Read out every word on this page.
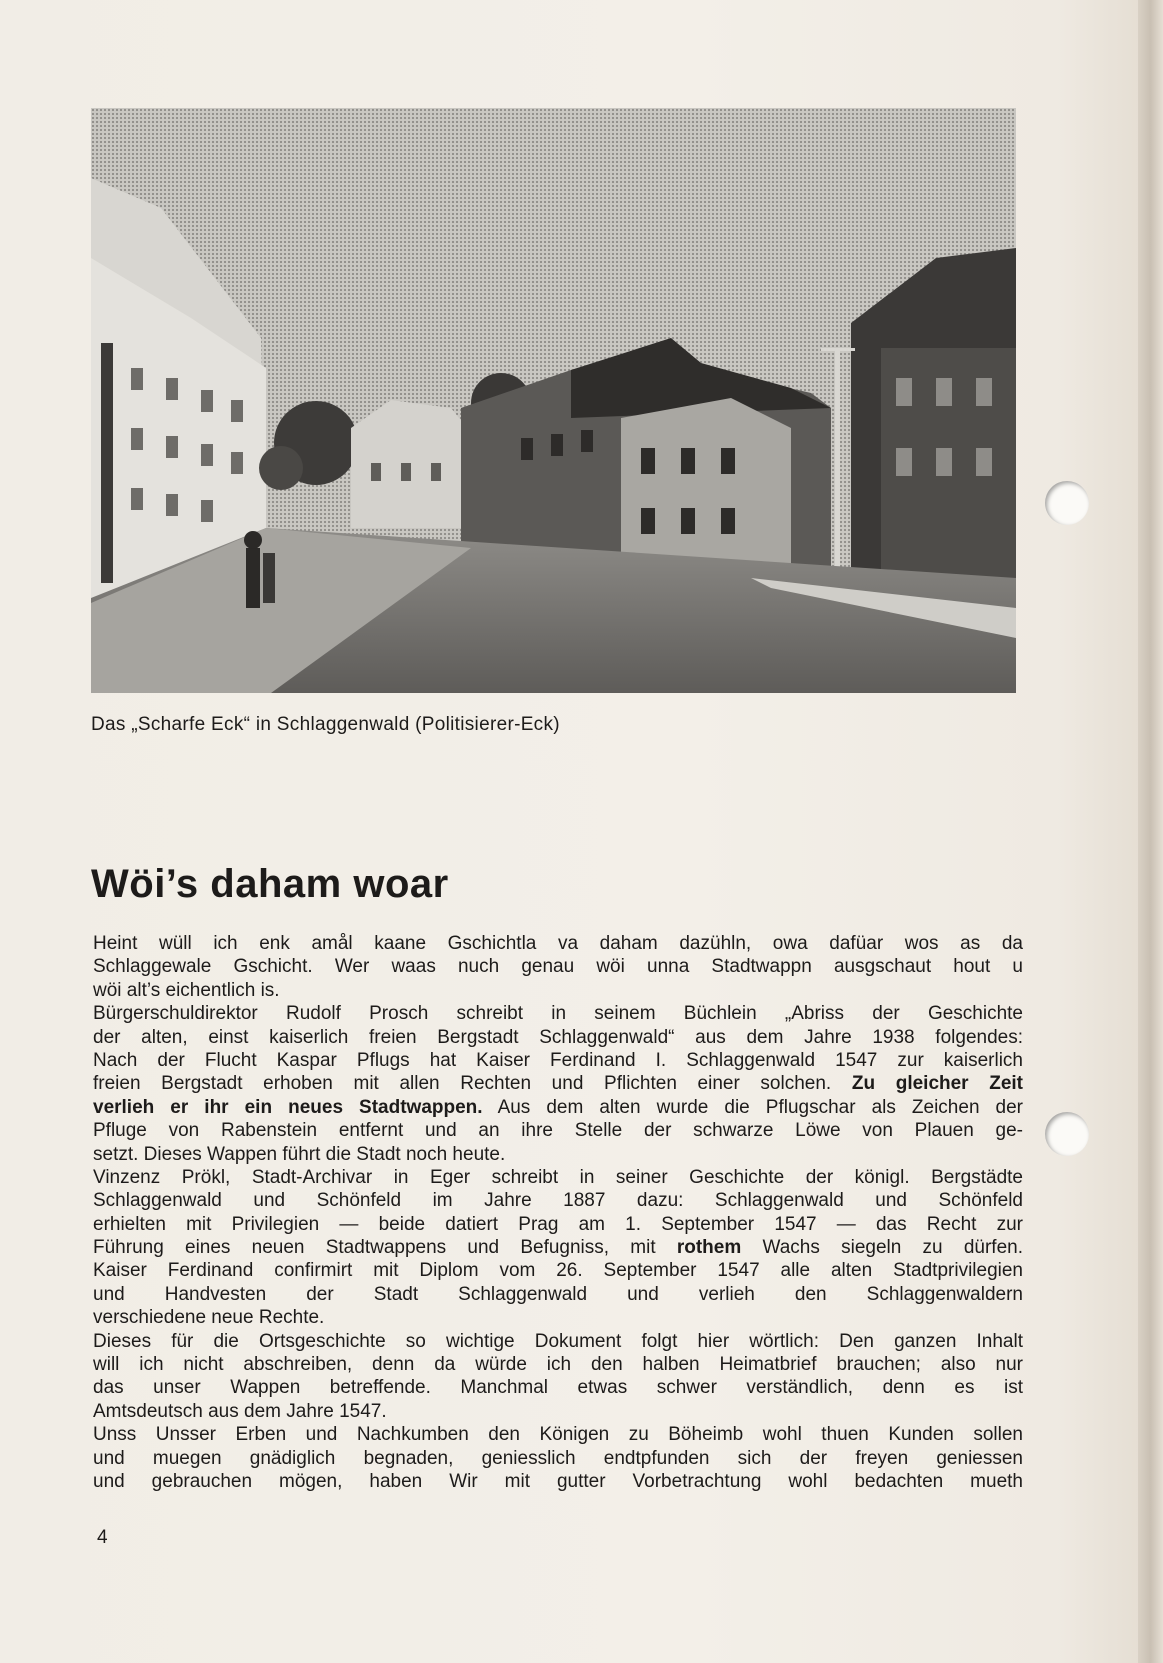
Das „Scharfe Eck“ in Schlaggenwald (Politisierer-Eck)
Wöi’s daham woar
Heint wüll ich enk amål kaane Gschichtla va daham dazühln, owa dafüar wos as da
Schlaggewale Gschicht. Wer waas nuch genau wöi unna Stadtwappn ausgschaut hout u
wöi alt’s eichentlich is.
Bürgerschuldirektor Rudolf Prosch schreibt in seinem Büchlein „Abriss der Geschichte
der alten, einst kaiserlich freien Bergstadt Schlaggenwald“ aus dem Jahre 1938 folgendes:
Nach der Flucht Kaspar Pflugs hat Kaiser Ferdinand I. Schlaggenwald 1547 zur kaiserlich
freien Bergstadt erhoben mit allen Rechten und Pflichten einer solchen. Zu gleicher Zeit
verlieh er ihr ein neues Stadtwappen. Aus dem alten wurde die Pflugschar als Zeichen der
Pfluge von Rabenstein entfernt und an ihre Stelle der schwarze Löwe von Plauen ge-
setzt. Dieses Wappen führt die Stadt noch heute.
Vinzenz Prökl, Stadt-Archivar in Eger schreibt in seiner Geschichte der königl. Bergstädte
Schlaggenwald und Schönfeld im Jahre 1887 dazu: Schlaggenwald und Schönfeld
erhielten mit Privilegien — beide datiert Prag am 1. September 1547 — das Recht zur
Führung eines neuen Stadtwappens und Befugniss, mit rothem Wachs siegeln zu dürfen.
Kaiser Ferdinand confirmirt mit Diplom vom 26. September 1547 alle alten Stadtprivilegien
und Handvesten der Stadt Schlaggenwald und verlieh den Schlaggenwaldern
verschiedene neue Rechte.
Dieses für die Ortsgeschichte so wichtige Dokument folgt hier wörtlich: Den ganzen Inhalt
will ich nicht abschreiben, denn da würde ich den halben Heimatbrief brauchen; also nur
das unser Wappen betreffende. Manchmal etwas schwer verständlich, denn es ist
Amtsdeutsch aus dem Jahre 1547.
Unss Unsser Erben und Nachkumben den Königen zu Böheimb wohl thuen Kunden sollen
und muegen gnädiglich begnaden, geniesslich endtpfunden sich der freyen geniessen
und gebrauchen mögen, haben Wir mit gutter Vorbetrachtung wohl bedachten mueth
4
